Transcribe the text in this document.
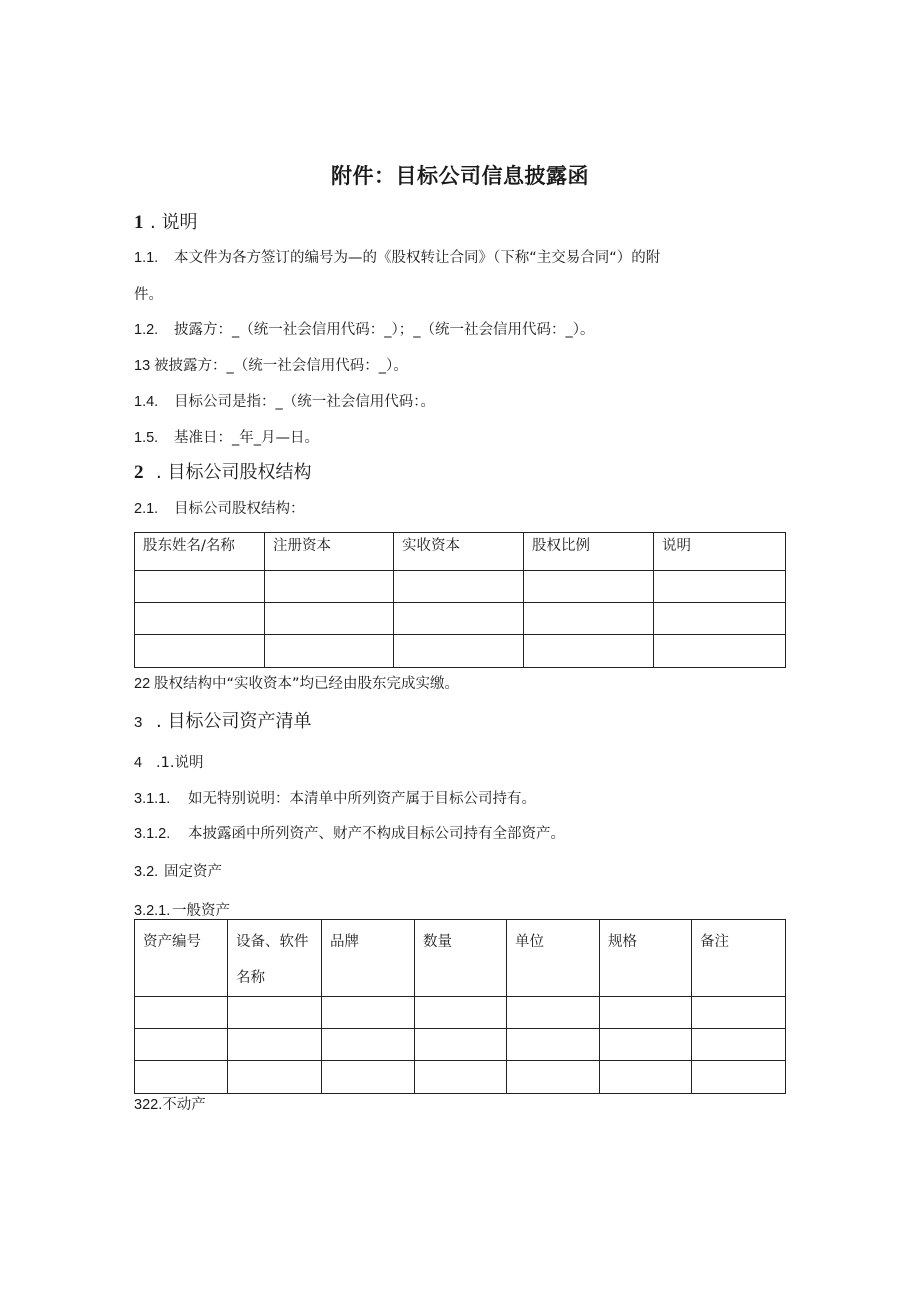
附件：目标公司信息披露函
1 . 说明
1.1. 本文件为各方签订的编号为—的《股权转让合同》（下称“主交易合同“）的附
件。
1.2. 披露方：_（统一社会信用代码：_）；_（统一社会信用代码：_）。
13 被披露方：_（统一社会信用代码：_）。
1.4. 目标公司是指：_（统一社会信用代码：。
1.5. 基准日：_年_月—日。
2 . 目标公司股权结构
2.1. 目标公司股权结构：
股东姓名/名称	注册资本	实收资本	股权比例	说明

22 股权结构中“实收资本”均已经由股东完成实缴。
3 . 目标公司资产清单
4 .1.说明
3.1.1. 如无特别说明：本清单中所列资产属于目标公司持有。
3.1.2. 本披露函中所列资产、财产不构成目标公司持有全部资产。
3.2. 固定资产
3.2.1. 一般资产
资产编号	设备、软件名称	品牌	数量	单位	规格	备注

322.不动产
